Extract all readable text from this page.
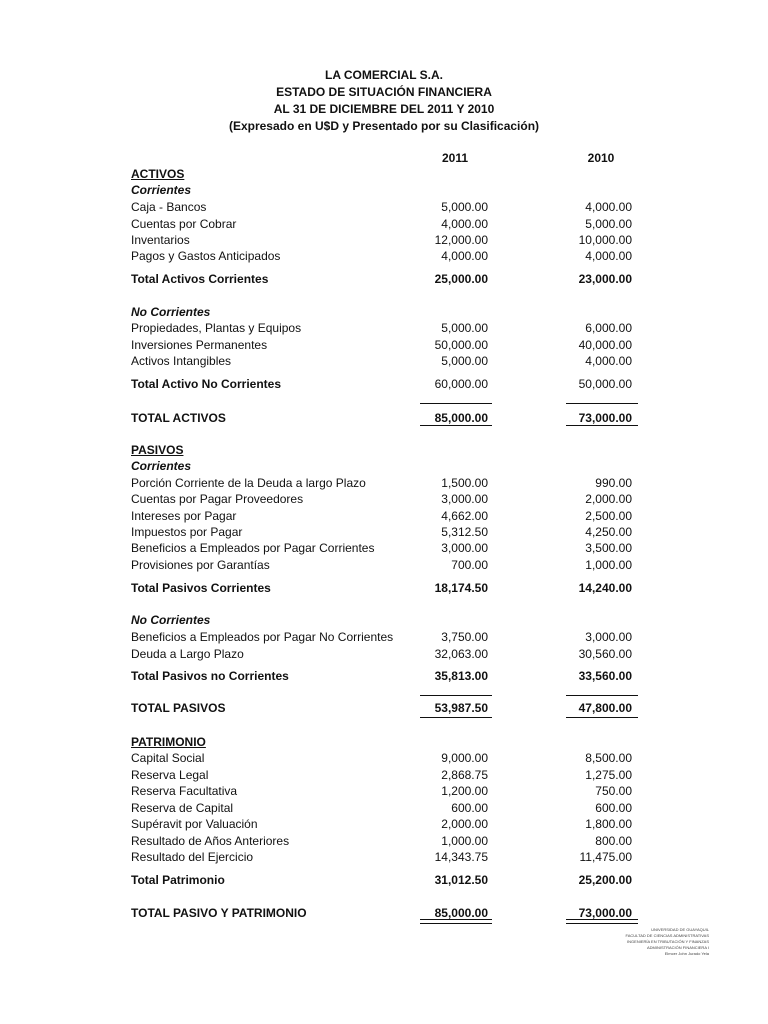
LA COMERCIAL S.A.
ESTADO DE SITUACIÓN FINANCIERA
AL 31 DE DICIEMBRE DEL 2011 Y 2010
(Expresado en U$D y Presentado por su Clasificación)
2011	2010
ACTIVOS
Corrientes
Caja - Bancos	5,000.00	4,000.00
Cuentas por Cobrar	4,000.00	5,000.00
Inventarios	12,000.00	10,000.00
Pagos y Gastos Anticipados	4,000.00	4,000.00
Total Activos Corrientes	25,000.00	23,000.00
No Corrientes
Propiedades, Plantas y Equipos	5,000.00	6,000.00
Inversiones Permanentes	50,000.00	40,000.00
Activos Intangibles	5,000.00	4,000.00
Total Activo No Corrientes	60,000.00	50,000.00
TOTAL ACTIVOS	85,000.00	73,000.00
PASIVOS
Corrientes
Porción Corriente de la Deuda a largo Plazo	1,500.00	990.00
Cuentas por Pagar Proveedores	3,000.00	2,000.00
Intereses por Pagar	4,662.00	2,500.00
Impuestos por Pagar	5,312.50	4,250.00
Beneficios a Empleados por Pagar Corrientes	3,000.00	3,500.00
Provisiones por Garantías	700.00	1,000.00
Total Pasivos Corrientes	18,174.50	14,240.00
No Corrientes
Beneficios a Empleados por Pagar No Corrientes	3,750.00	3,000.00
Deuda a Largo Plazo	32,063.00	30,560.00
Total Pasivos no Corrientes	35,813.00	33,560.00
TOTAL PASIVOS	53,987.50	47,800.00
PATRIMONIO
Capital Social	9,000.00	8,500.00
Reserva Legal	2,868.75	1,275.00
Reserva Facultativa	1,200.00	750.00
Reserva de Capital	600.00	600.00
Supéravit por Valuación	2,000.00	1,800.00
Resultado de Años Anteriores	1,000.00	800.00
Resultado del Ejercicio	14,343.75	11,475.00
Total Patrimonio	31,012.50	25,200.00
TOTAL PASIVO Y PATRIMONIO	85,000.00	73,000.00
UNIVERSIDAD DE GUAYAQUIL
FACULTAD DE CIENCIAS ADMINISTRATIVAS
INGENIERÍA EN TRIBUTACIÓN Y FINANZAS
ADMINISTRACIÓN FINANCIERA I
Elmcer John Jurado Yela
